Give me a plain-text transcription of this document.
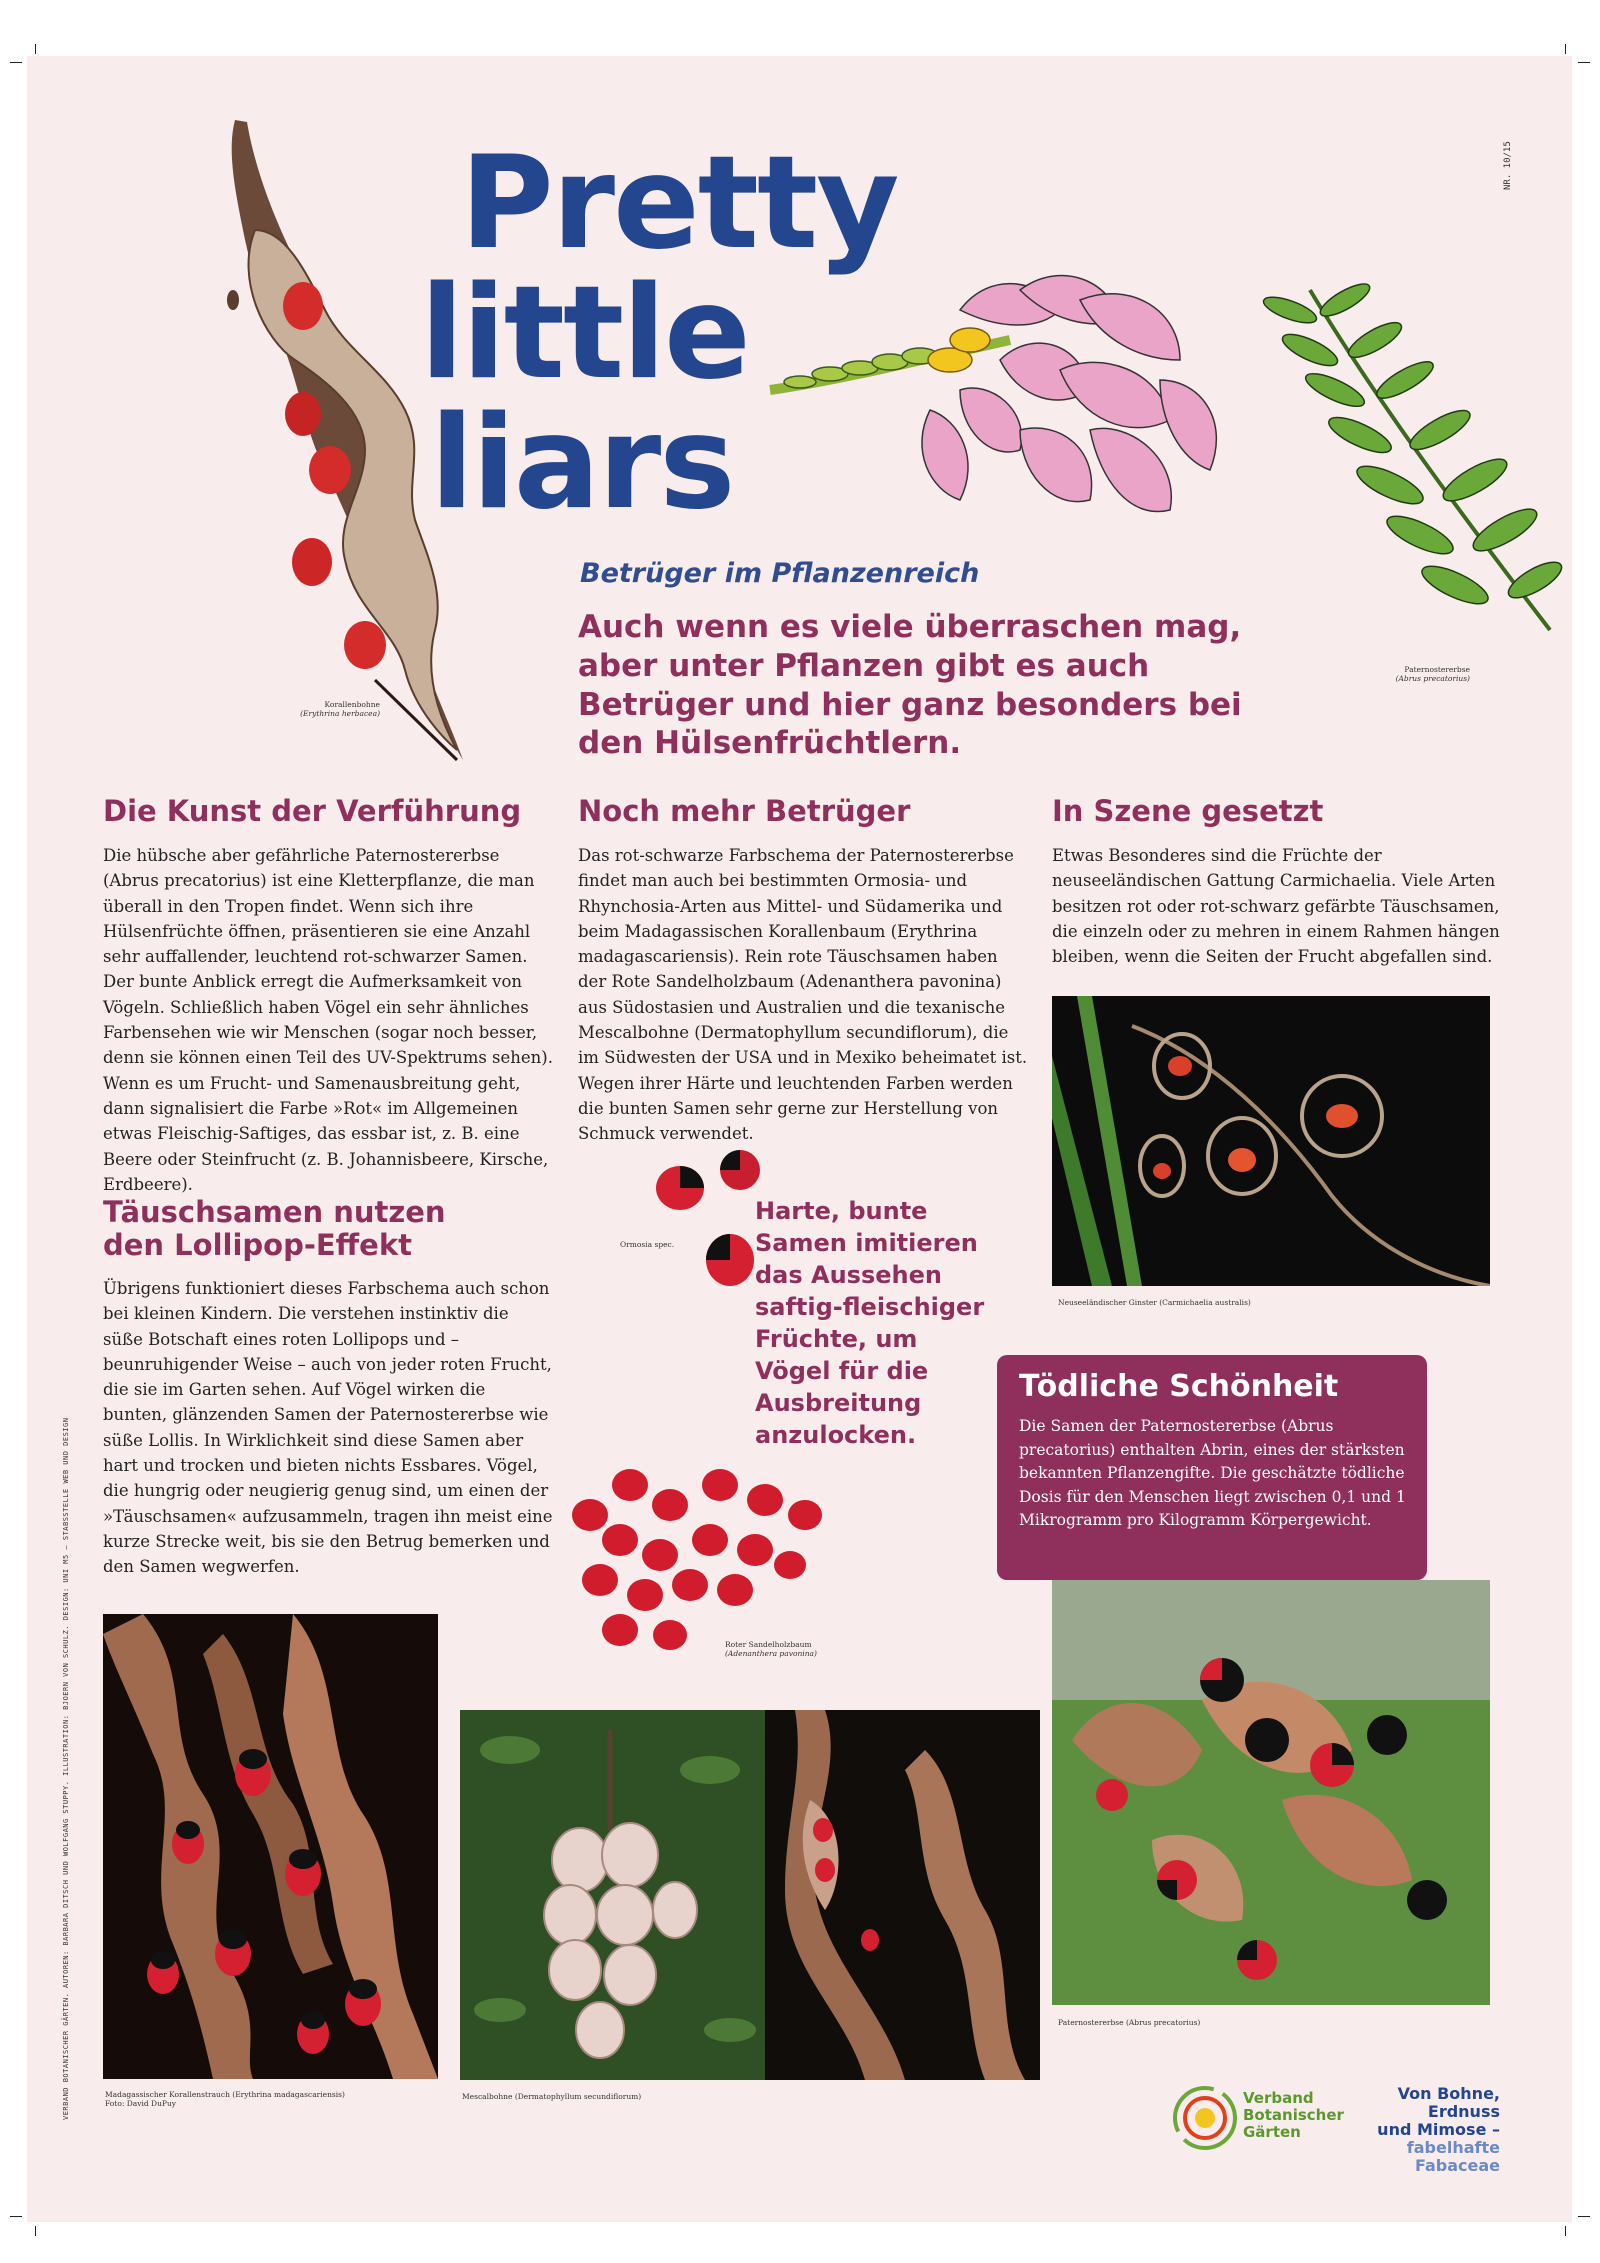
NR. 10/15
Korallenbohne
(Erythrina herbacea)
Pretty
little
liars
Paternostererbse
(Abrus precatorius)
Betrüger im Pflanzenreich
Auch wenn es viele überraschen mag, aber unter Pflanzen gibt es auch Betrüger und hier ganz besonders bei den Hülsenfrüchtlern.
Die Kunst der Verführung
Die hübsche aber gefährliche Paternostererbse (Abrus precatorius) ist eine Kletterpflanze, die man überall in den Tropen findet. Wenn sich ihre Hülsenfrüchte öffnen, präsentieren sie eine Anzahl sehr auffallender, leuchtend rot-schwarzer Samen. Der bunte Anblick erregt die Aufmerksamkeit von Vögeln. Schließlich haben Vögel ein sehr ähnliches Farbensehen wie wir Menschen (sogar noch besser, denn sie können einen Teil des UV-Spektrums sehen). Wenn es um Frucht- und Samenausbreitung geht, dann signalisiert die Farbe »Rot« im Allgemeinen etwas Fleischig-Saftiges, das essbar ist, z. B. eine Beere oder Steinfrucht (z. B. Johannisbeere, Kirsche, Erdbeere).
Täuschsamen nutzen
den Lollipop-Effekt
Übrigens funktioniert dieses Farbschema auch schon bei kleinen Kindern. Die verstehen instinktiv die süße Botschaft eines roten Lollipops und – beunruhigender Weise – auch von jeder roten Frucht, die sie im Garten sehen. Auf Vögel wirken die bunten, glänzenden Samen der Paternostererbse wie süße Lollis. In Wirklichkeit sind diese Samen aber hart und trocken und bieten nichts Essbares. Vögel, die hungrig oder neugierig genug sind, um einen der »Täuschsamen« aufzusammeln, tragen ihn meist eine kurze Strecke weit, bis sie den Betrug bemerken und den Samen wegwerfen.
Noch mehr Betrüger
Das rot-schwarze Farbschema der Paternostererbse findet man auch bei bestimmten Ormosia- und Rhynchosia-Arten aus Mittel- und Südamerika und beim Madagassischen Korallenbaum (Erythrina madagascariensis). Rein rote Täuschsamen haben der Rote Sandelholzbaum (Adenanthera pavonina) aus Südostasien und Australien und die texanische Mescalbohne (Dermatophyllum secundiflorum), die im Südwesten der USA und in Mexiko beheimatet ist. Wegen ihrer Härte und leuchtenden Farben werden die bunten Samen sehr gerne zur Herstellung von Schmuck verwendet.
Ormosia spec.
Harte, bunte Samen imitieren das Aussehen saftig-fleischiger Früchte, um Vögel für die Ausbreitung anzulocken.
Roter Sandelholzbaum
(Adenanthera pavonina)
In Szene gesetzt
Etwas Besonderes sind die Früchte der neuseeländischen Gattung Carmichaelia. Viele Arten besitzen rot oder rot-schwarz gefärbte Täuschsamen, die einzeln oder zu mehren in einem Rahmen hängen bleiben, wenn die Seiten der Frucht abgefallen sind.
Neuseeländischer Ginster (Carmichaelia australis)
Tödliche Schönheit
Die Samen der Paternostererbse (Abrus precatorius) enthalten Abrin, eines der stärksten bekannten Pflanzengifte. Die geschätzte tödliche Dosis für den Menschen liegt zwischen 0,1 und 1 Mikrogramm pro Kilogramm Körpergewicht.
Paternostererbse (Abrus precatorius)
Madagassischer Korallenstrauch (Erythrina madagascariensis)
Foto: David DuPuy
Mescalbohne (Dermatophyllum secundiflorum)
VERBAND BOTANISCHER GÄRTEN. AUTOREN: BARBARA DITSCH UND WOLFGANG STUPPY. ILLUSTRATION: BJOERN VON SCHULZ. DESIGN: UNI M5 – STABSSTELLE WEB UND DESIGN	Verband
Botanischer
Gärten
Von Bohne,
Erdnuss
und Mimose –
fabelhafte
Fabaceae
